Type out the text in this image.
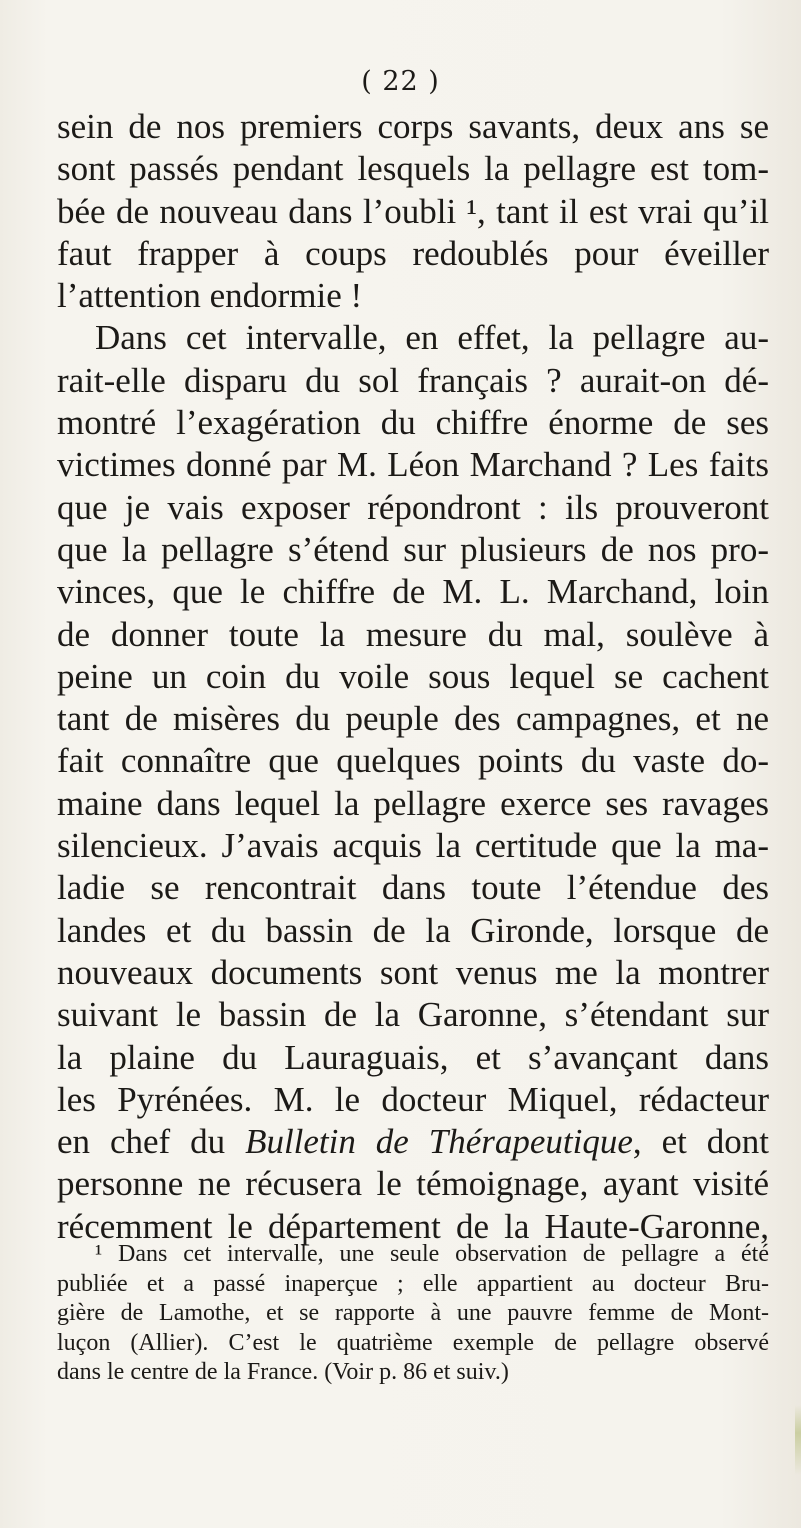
( 22 )
sein de nos premiers corps savants, deux ans se
sont passés pendant lesquels la pellagre est tom-
bée de nouveau dans l’oubli ¹, tant il est vrai qu’il
faut frapper à coups redoublés pour éveiller
l’attention endormie !
Dans cet intervalle, en effet, la pellagre au-
rait-elle disparu du sol français ? aurait-on dé-
montré l’exagération du chiffre énorme de ses
victimes donné par M. Léon Marchand ? Les faits
que je vais exposer répondront : ils prouveront
que la pellagre s’étend sur plusieurs de nos pro-
vinces, que le chiffre de M. L. Marchand, loin
de donner toute la mesure du mal, soulève à
peine un coin du voile sous lequel se cachent
tant de misères du peuple des campagnes, et ne
fait connaître que quelques points du vaste do-
maine dans lequel la pellagre exerce ses ravages
silencieux. J’avais acquis la certitude que la ma-
ladie se rencontrait dans toute l’étendue des
landes et du bassin de la Gironde, lorsque de
nouveaux documents sont venus me la montrer
suivant le bassin de la Garonne, s’étendant sur
la plaine du Lauraguais, et s’avançant dans
les Pyrénées. M. le docteur Miquel, rédacteur
en chef du Bulletin de Thérapeutique, et dont
personne ne récusera le témoignage, ayant visité
récemment le département de la Haute-Garonne,
¹ Dans cet intervalle, une seule observation de pellagre a été
publiée et a passé inaperçue ; elle appartient au docteur Bru-
gière de Lamothe, et se rapporte à une pauvre femme de Mont-
luçon (Allier). C’est le quatrième exemple de pellagre observé
dans le centre de la France. (Voir p. 86 et suiv.)
